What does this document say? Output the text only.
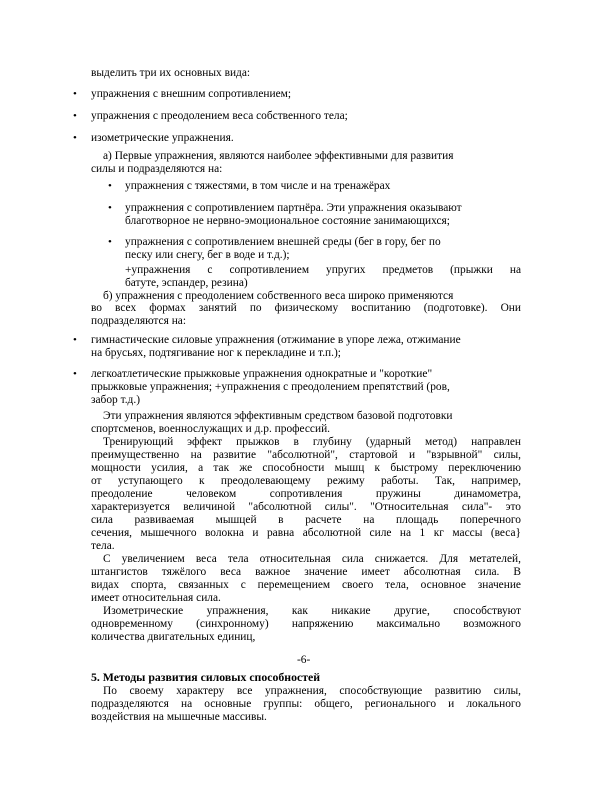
выделить три их основных вида:
• упражнения с внешним сопротивлением;
• упражнения с преодолением веса собственного тела;
• изометрические упражнения.
а) Первые упражнения, являются наиболее эффективными для развития
силы и подразделяются на:
• упражнения с тяжестями, в том числе и на тренажёрах
• упражнения с сопротивлением партнёра. Эти упражнения оказывают
благотворное не нервно-эмоциональное состояние занимающихся;
• упражнения с сопротивлением внешней среды (бег в гору, бег по
песку или снегу, бег в воде и т.д.);
+упражнения с сопротивлением упругих предметов (прыжки на
батуте, эспандер, резина)
б) упражнения с преодолением собственного веса широко применяются
во всех формах занятий по физическому воспитанию (подготовке). Они
подразделяются на:
• гимнастические силовые упражнения (отжимание в упоре лежа, отжимание
на брусьях, подтягивание ног к перекладине и т.п.);
• легкоатлетические прыжковые упражнения однократные и "короткие"
прыжковые упражнения; +упражнения с преодолением препятствий (ров,
забор т.д.)
Эти упражнения являются эффективным средством базовой подготовки
спортсменов, военнослужащих и д.р. профессий.
Тренирующий эффект прыжков в глубину (ударный метод) направлен
преимущественно на развитие "абсолютной", стартовой и "взрывной" силы,
мощности усилия, а так же способности мышц к быстрому переключению
от уступающего к преодолевающему режиму работы. Так, например,
преодоление человеком сопротивления пружины динамометра,
характеризуется величиной "абсолютной силы". "Относительная сила"- это
сила развиваемая мышцей в расчете на площадь поперечного
сечения, мышечного волокна и равна абсолютной силе на 1 кг массы (веса}
тела.
С увеличением веса тела относительная сила снижается. Для метателей,
штангистов тяжёлого веса важное значение имеет абсолютная сила. В
видах спорта, связанных с перемещением своего тела, основное значение
имеет относительная сила.
Изометрические упражнения, как никакие другие, способствуют
одновременному (синхронному) напряжению максимально возможного
количества двигательных единиц,
-6-
5. Методы развития силовых способностей
По своему характеру все упражнения, способствующие развитию силы,
подразделяются на основные группы: общего, регионального и локального
воздействия на мышечные массивы.
